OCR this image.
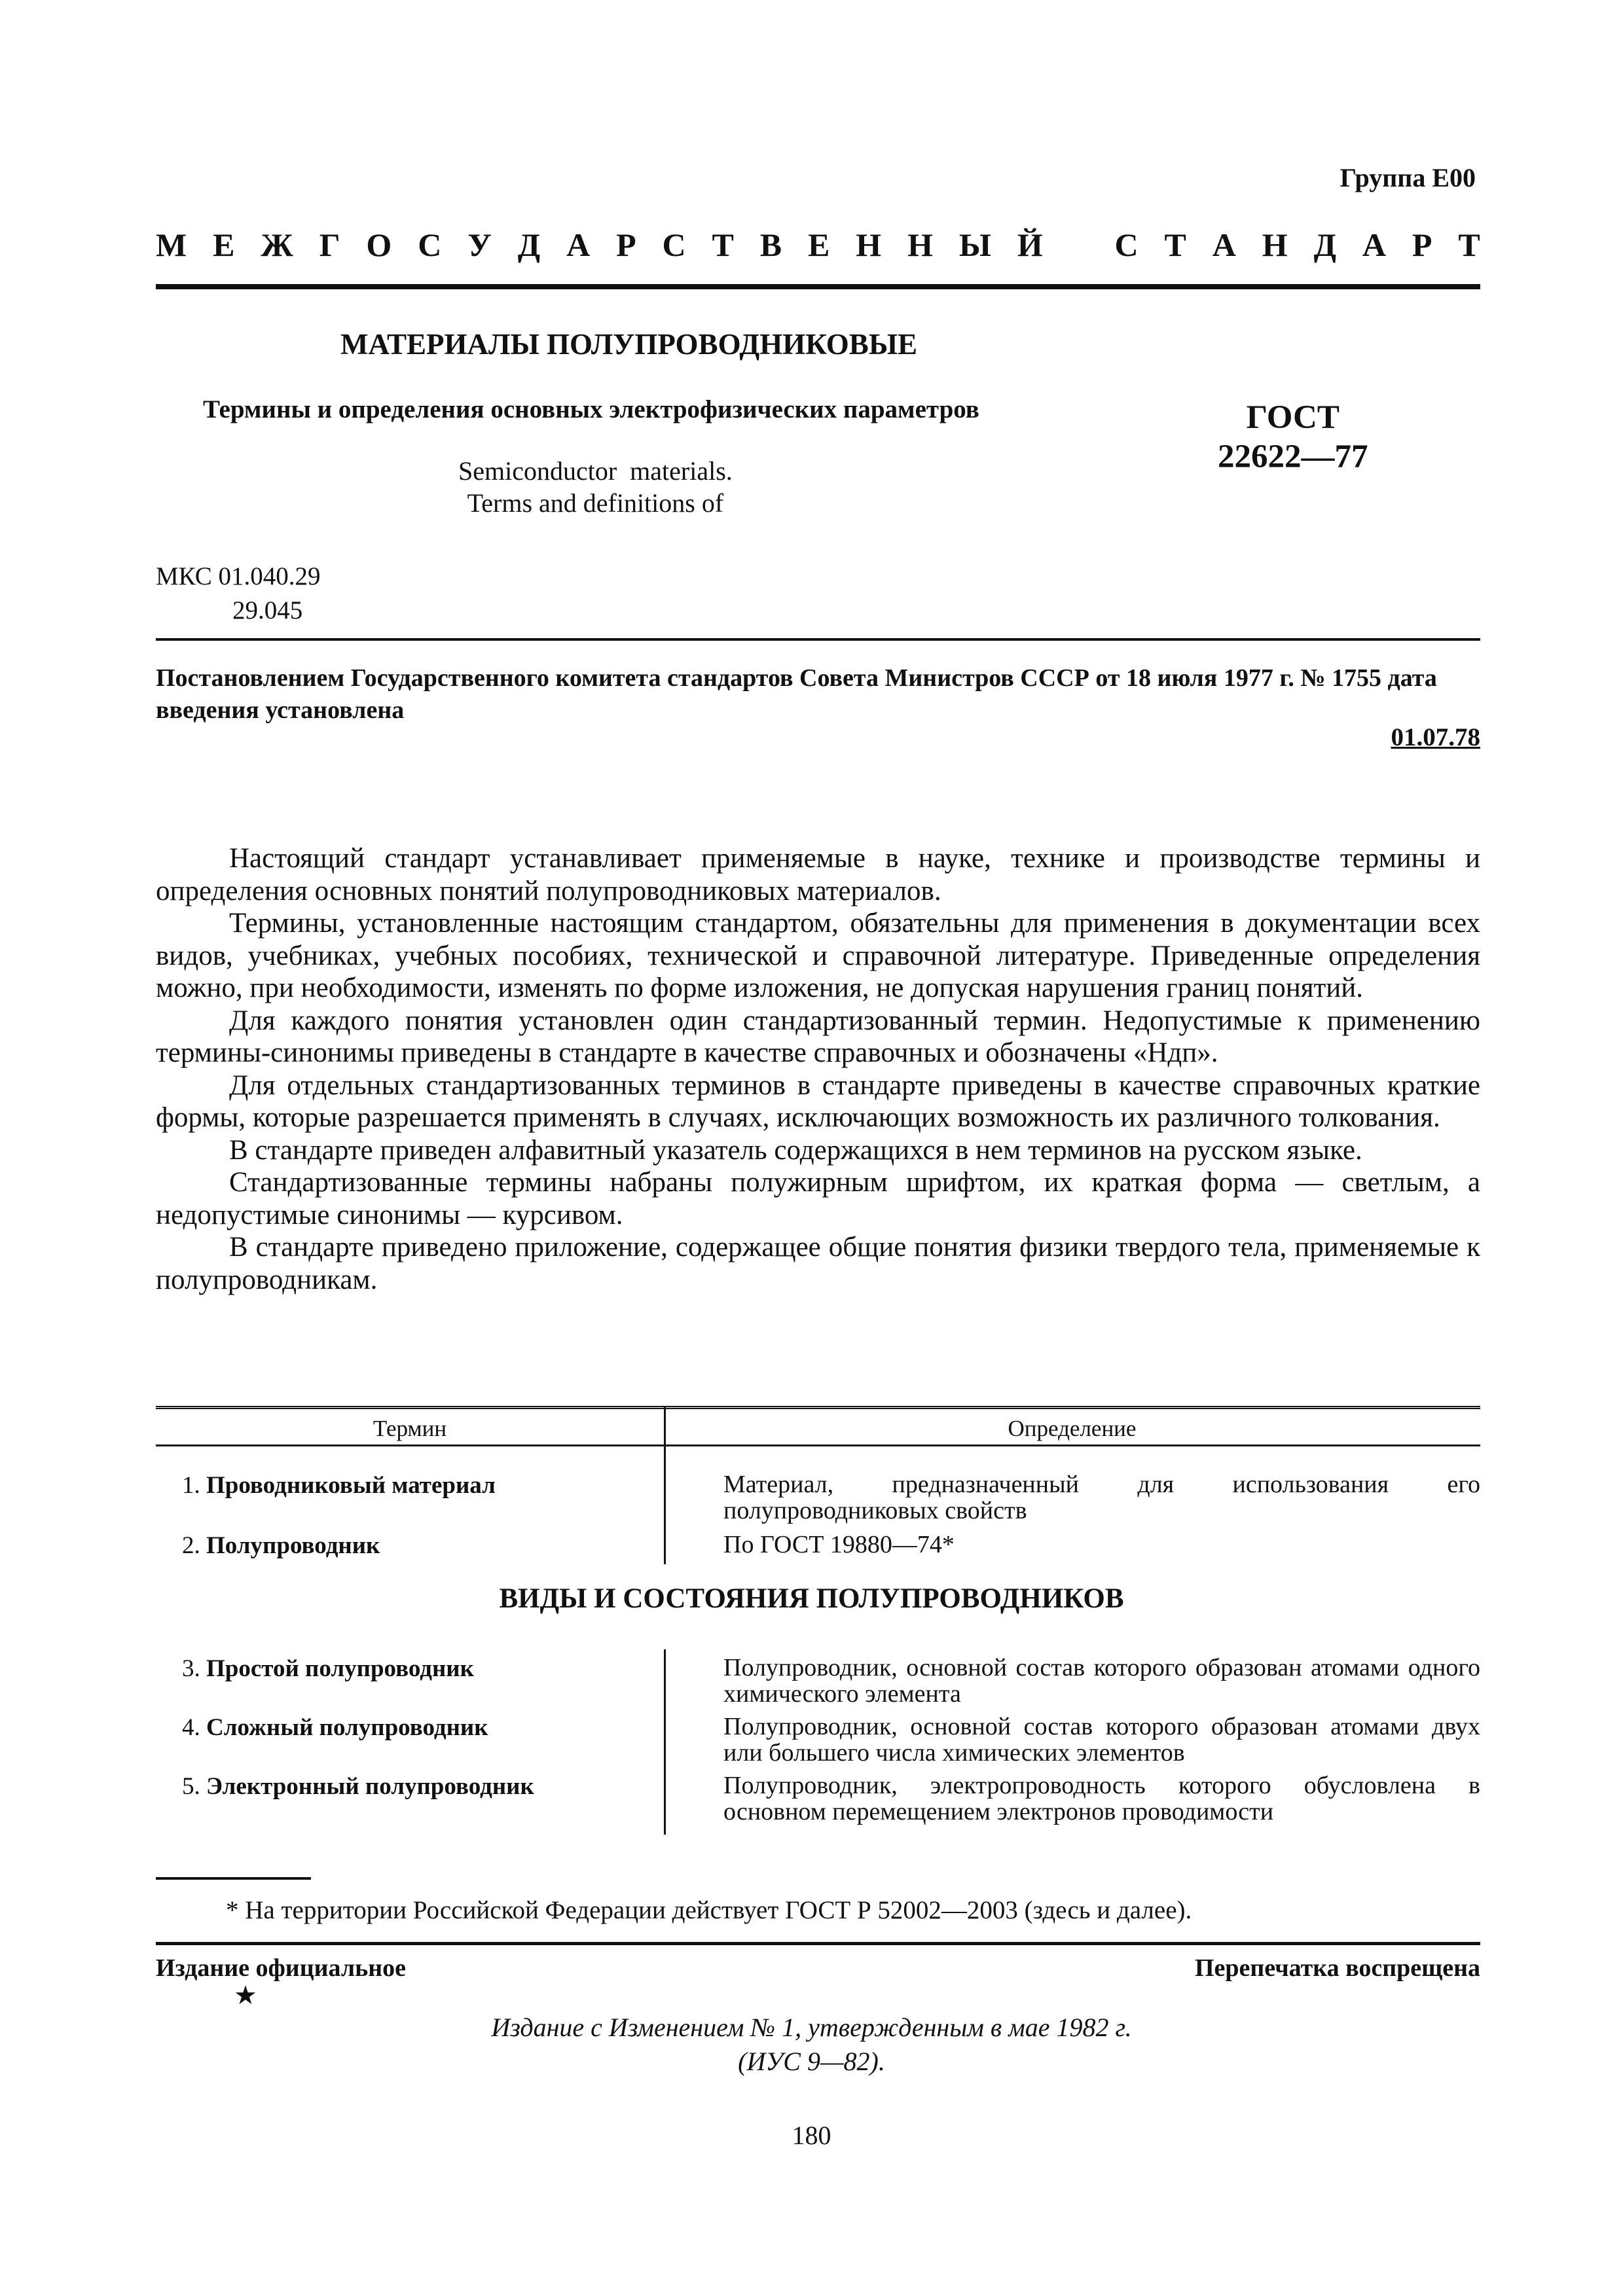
Группа Е00
М Е Ж Г О С У Д А Р С Т В Е Н Н Ы Й С Т А Н Д А Р Т
МАТЕРИАЛЫ ПОЛУПРОВОДНИКОВЫЕ
Термины и определения основных электрофизических параметров
Semiconductor  materials.
Terms and definitions of
ГОСТ
22622—77
МКС 01.040.29
29.045
Постановлением Государственного комитета стандартов Совета Министров СССР от 18 июля 1977 г. № 1755 дата введения установлена
01.07.78

Настоящий стандарт устанавливает применяемые в науке, технике и производстве термины и определения основных понятий полупроводниковых материалов.

Термины, установленные настоящим стандартом, обязательны для применения в документации всех видов, учебниках, учебных пособиях, технической и справочной литературе. Приведенные определения можно, при необходимости, изменять по форме изложения, не допуская нарушения границ понятий.

Для каждого понятия установлен один стандартизованный термин. Недопустимые к применению термины-синонимы приведены в стандарте в качестве справочных и обозначены «Ндп».

Для отдельных стандартизованных терминов в стандарте приведены в качестве справочных краткие формы, которые разрешается применять в случаях, исключающих возможность их различного толкования.

В стандарте приведен алфавитный указатель содержащихся в нем терминов на русском языке.

Стандартизованные термины набраны полужирным шрифтом, их краткая форма — светлым, а недопустимые синонимы — курсивом.

В стандарте приведено приложение, содержащее общие понятия физики твердого тела, применяемые к полупроводникам.

Термин	Определение
1. Проводниковый материал	Материал, предназначенный для использования его полупроводниковых свойств
2. Полупроводник	По ГОСТ 19880—74*
ВИДЫ И СОСТОЯНИЯ ПОЛУПРОВОДНИКОВ
3. Простой полупроводник	Полупроводник, основной состав которого образован атомами одного химического элемента
4. Сложный полупроводник	Полупроводник, основной состав которого образован атомами двух или большего числа химических элементов
5. Электронный полупроводник	Полупроводник, электропроводность которого обусловлена в основном перемещением электронов проводимости
* На территории Российской Федерации действует ГОСТ Р 52002—2003 (здесь и далее).
Издание официальное	Перепечатка воспрещена
★
Издание с Изменением № 1, утвержденным в мае 1982 г.
(ИУС 9—82).
180
